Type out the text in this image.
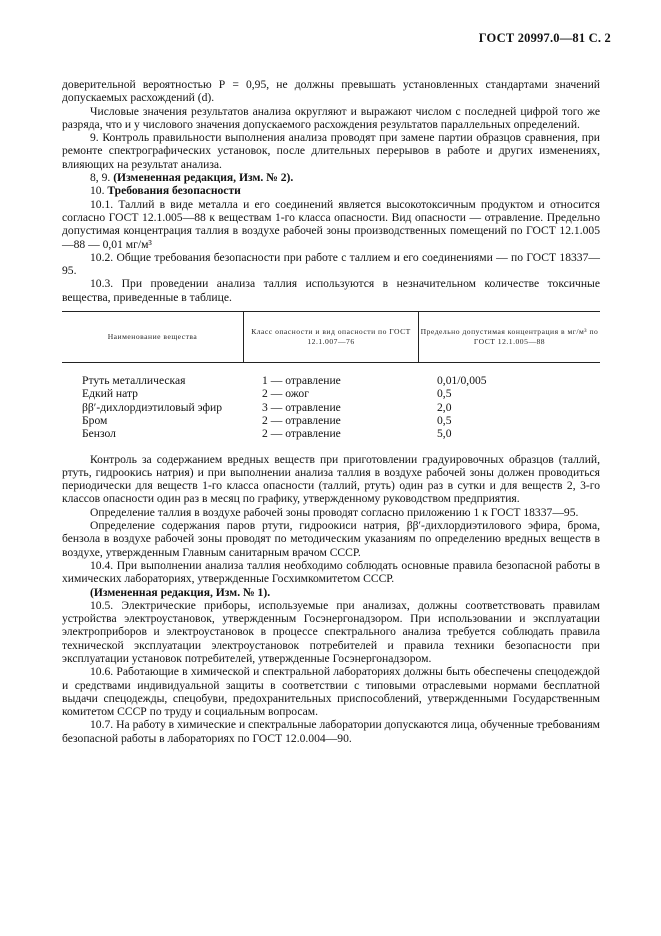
ГОСТ 20997.0—81 С. 2

доверительной вероятностью Р = 0,95, не должны превышать установленных стандартами значений допускаемых расхождений (d).

Числовые значения результатов анализа округляют и выражают числом с последней цифрой того же разряда, что и у числового значения допускаемого расхождения результатов параллельных определений.

9. Контроль правильности выполнения анализа проводят при замене партии образцов сравнения, при ремонте спектрографических установок, после длительных перерывов в работе и других изменениях, влияющих на результат анализа.

8, 9. (Измененная редакция, Изм. № 2).

10. Требования безопасности

10.1. Таллий в виде металла и его соединений является высокотоксичным продуктом и относится согласно ГОСТ 12.1.005—88 к веществам 1-го класса опасности. Вид опасности — отравление. Предельно допустимая концентрация таллия в воздухе рабочей зоны производственных помещений по ГОСТ 12.1.005—88 — 0,01 мг/м³

10.2. Общие требования безопасности при работе с таллием и его соединениями — по ГОСТ 18337—95.

10.3. При проведении анализа таллия используются в незначительном количестве токсичные вещества, приведенные в таблице.

Наименование вещества
Класс опасности и вид опасности по ГОСТ 12.1.007—76
Предельно допустимая концентрация в мг/м³ по ГОСТ 12.1.005—88
Ртуть металлическая
Едкий натр
ββ′-дихлордиэтиловый эфир
Бром
Бензол
1 — отравление
2 — ожог
3 — отравление
2 — отравление
2 — отравление
0,01/0,005
0,5
2,0
0,5
5,0

Контроль за содержанием вредных веществ при приготовлении градуировочных образцов (таллий, ртуть, гидроокись натрия) и при выполнении анализа таллия в воздухе рабочей зоны должен проводиться периодически для веществ 1-го класса опасности (таллий, ртуть) один раз в сутки и для веществ 2, 3-го классов опасности один раз в месяц по графику, утвержденному руководством предприятия.

Определение таллия в воздухе рабочей зоны проводят согласно приложению 1 к ГОСТ 18337—95.

Определение содержания паров ртути, гидроокиси натрия, ββ′-дихлордиэтилового эфира, брома, бензола в воздухе рабочей зоны проводят по методическим указаниям по определению вредных веществ в воздухе, утвержденным Главным санитарным врачом СССР.

10.4. При выполнении анализа таллия необходимо соблюдать основные правила безопасной работы в химических лабораториях, утвержденные Госхимкомитетом СССР.

(Измененная редакция, Изм. № 1).

10.5. Электрические приборы, используемые при анализах, должны соответствовать правилам устройства электроустановок, утвержденным Госэнергонадзором. При использовании и эксплуатации электроприборов и электроустановок в процессе спектрального анализа требуется соблюдать правила технической эксплуатации электроустановок потребителей и правила техники безопасности при эксплуатации установок потребителей, утвержденные Госэнергонадзором.

10.6. Работающие в химической и спектральной лабораториях должны быть обеспечены спецодеждой и средствами индивидуальной защиты в соответствии с типовыми отраслевыми нормами бесплатной выдачи спецодежды, спецобуви, предохранительных приспособлений, утвержденными Государственным комитетом СССР по труду и социальным вопросам.

10.7. На работу в химические и спектральные лаборатории допускаются лица, обученные требованиям безопасной работы в лабораториях по ГОСТ 12.0.004—90.
